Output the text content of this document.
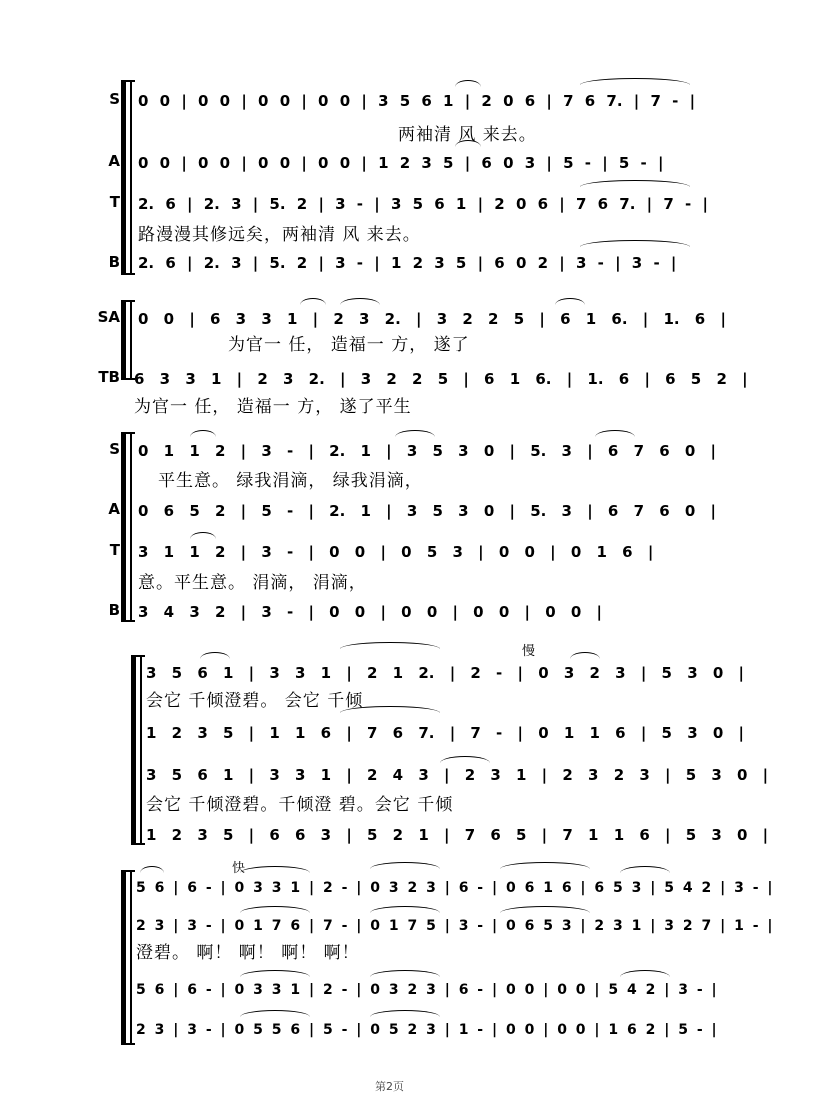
S
A
T
B
0 0 | 0 0 | 0 0 | 0 0 | 3 5 6 1 | 2 0 6 | 7 6 7. | 7 - |
两袖清 风 来去。
0 0 | 0 0 | 0 0 | 0 0 | 1 2 3 5 | 6 0 3 | 5 - | 5 - |
2. 6 | 2. 3 | 5. 2 | 3 - | 3 5 6 1 | 2 0 6 | 7 6 7. | 7 - |
路漫漫其修远矣，两袖清 风 来去。
2. 6 | 2. 3 | 5. 2 | 3 - | 1 2 3 5 | 6 0 2 | 3 - | 3 - |
SA
TB
0 0 | 6 3 3 1 | 2 3 2. | 3 2 2 5 | 6 1 6. | 1. 6 |
为官一 任， 造福一 方， 遂了
6 3 3 1 | 2 3 2. | 3 2 2 5 | 6 1 6. | 1. 6 | 6 5 2 |
为官一 任， 造福一 方， 遂了平生
S
A
T
B
0 1 1 2 | 3 - | 2. 1 | 3 5 3 0 | 5. 3 | 6 7 6 0 |
平生意。 绿我涓滴， 绿我涓滴，
0 6 5 2 | 5 - | 2. 1 | 3 5 3 0 | 5. 3 | 6 7 6 0 |
3 1 1 2 | 3 - | 0 0 | 0 5 3 | 0 0 | 0 1 6 |
意。平生意。 涓滴， 涓滴，
3 4 3 2 | 3 - | 0 0 | 0 0 | 0 0 | 0 0 |
慢
3 5 6 1 | 3 3 1 | 2 1 2. | 2 - | 0 3 2 3 | 5 3 0 |
会它 千倾澄碧。 会它 千倾
1 2 3 5 | 1 1 6 | 7 6 7. | 7 - | 0 1 1 6 | 5 3 0 |
3 5 6 1 | 3 3 1 | 2 4 3 | 2 3 1 | 2 3 2 3 | 5 3 0 |
会它 千倾澄碧。千倾澄 碧。会它 千倾
1 2 3 5 | 6 6 3 | 5 2 1 | 7 6 5 | 7 1 1 6 | 5 3 0 |
快
5 6 | 6 - | 0 3 3 1 | 2 - | 0 3 2 3 | 6 - | 0 6 1 6 | 6 5 3 | 5 4 2 | 3 - |
2 3 | 3 - | 0 1 7 6 | 7 - | 0 1 7 5 | 3 - | 0 6 5 3 | 2 3 1 | 3 2 7 | 1 - |
澄碧。 啊！ 啊！ 啊！ 啊！
5 6 | 6 - | 0 3 3 1 | 2 - | 0 3 2 3 | 6 - | 0 0 | 0 0 | 5 4 2 | 3 - |
2 3 | 3 - | 0 5 5 6 | 5 - | 0 5 2 3 | 1 - | 0 0 | 0 0 | 1 6 2 | 5 - |
第2页
